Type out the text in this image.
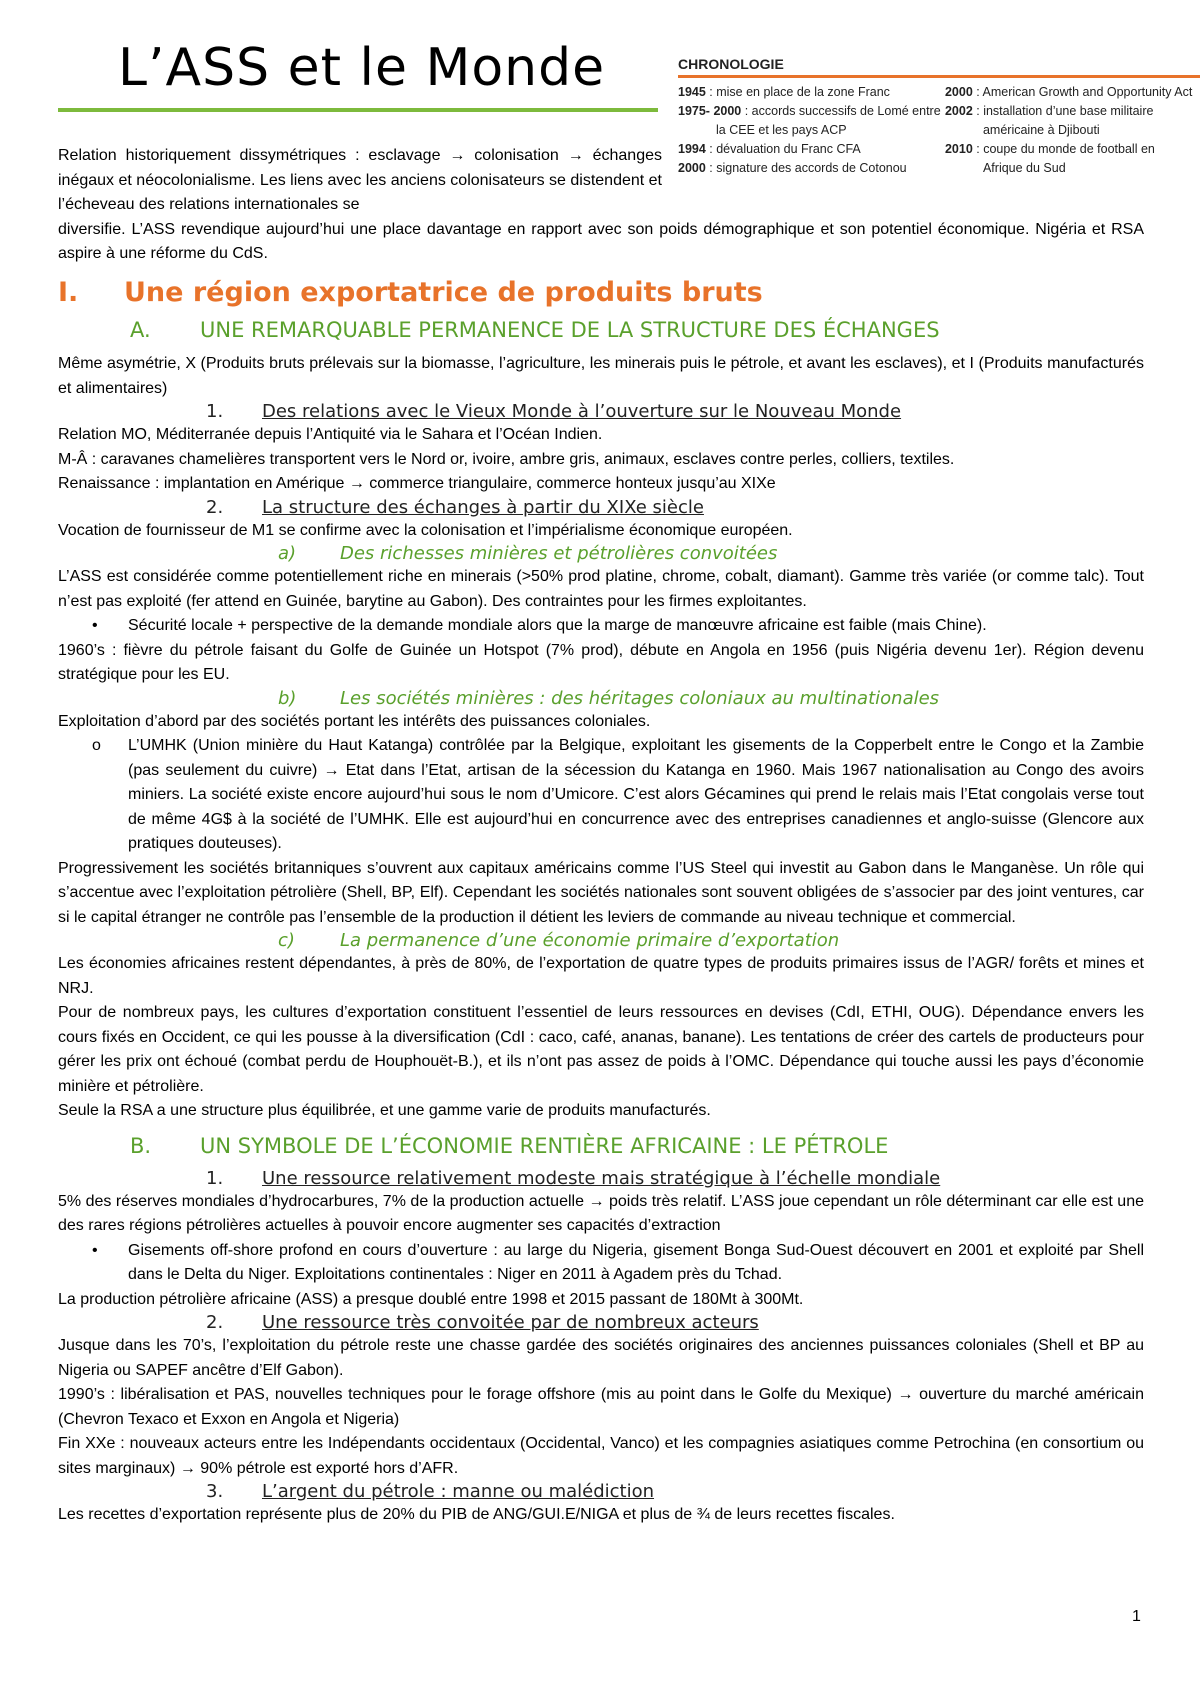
L’ASS et le Monde	CHRONOLOGIE
1945 : mise en place de la zone Franc
1975- 2000 : accords successifs de Lomé entre
la CEE et les pays ACP
1994 : dévaluation du Franc CFA
2000 : signature des accords de Cotonou
2000 : American Growth and Opportunity Act
2002 : installation d’une base militaire
américaine à Djibouti
2010 : coupe du monde de football en
Afrique du Sud

Relation historiquement dissymétriques : esclavage → colonisation → échanges inégaux et néocolonialisme. Les liens avec les anciens colonisateurs se distendent et l’écheveau des relations internationales se
diversifie. L’ASS revendique aujourd’hui une place davantage en rapport avec son poids démographique et son potentiel économique. Nigéria et RSA aspire à une réforme du CdS.

I. Une région exportatrice de produits bruts
A. UNE REMARQUABLE PERMANENCE DE LA STRUCTURE DES ÉCHANGES

Même asymétrie, X (Produits bruts prélevais sur la biomasse, l’agriculture, les minerais puis le pétrole, et avant les esclaves), et I (Produits manufacturés et alimentaires)

1. Des relations avec le Vieux Monde à l’ouverture sur le Nouveau Monde

Relation MO, Méditerranée depuis l’Antiquité via le Sahara et l’Océan Indien.

M-Â : caravanes chamelières transportent vers le Nord or, ivoire, ambre gris, animaux, esclaves contre perles, colliers, textiles.

Renaissance : implantation en Amérique → commerce triangulaire, commerce honteux jusqu’au XIXe

2. La structure des échanges à partir du XIXe siècle

Vocation de fournisseur de M1 se confirme avec la colonisation et l’impérialisme économique européen.

a) Des richesses minières et pétrolières convoitées

L’ASS est considérée comme potentiellement riche en minerais (>50% prod platine, chrome, cobalt, diamant). Gamme très variée (or comme talc). Tout n’est pas exploité (fer attend en Guinée, barytine au Gabon). Des contraintes pour les firmes exploitantes.

• Sécurité locale + perspective de la demande mondiale alors que la marge de manœuvre africaine est faible (mais Chine).

1960’s : fièvre du pétrole faisant du Golfe de Guinée un Hotspot (7% prod), débute en Angola en 1956 (puis Nigéria devenu 1er). Région devenu stratégique pour les EU.

b) Les sociétés minières : des héritages coloniaux au multinationales

Exploitation d’abord par des sociétés portant les intérêts des puissances coloniales.

o L’UMHK (Union minière du Haut Katanga) contrôlée par la Belgique, exploitant les gisements de la Copperbelt entre le Congo et la Zambie (pas seulement du cuivre) → Etat dans l’Etat, artisan de la sécession du Katanga en 1960. Mais 1967 nationalisation au Congo des avoirs miniers. La société existe encore aujourd’hui sous le nom d’Umicore. C’est alors Gécamines qui prend le relais mais l’Etat congolais verse tout de même 4G$ à la société de l’UMHK. Elle est aujourd’hui en concurrence avec des entreprises canadiennes et anglo-suisse (Glencore aux pratiques douteuses).

Progressivement les sociétés britanniques s’ouvrent aux capitaux américains comme l’US Steel qui investit au Gabon dans le Manganèse. Un rôle qui s’accentue avec l’exploitation pétrolière (Shell, BP, Elf). Cependant les sociétés nationales sont souvent obligées de s’associer par des joint ventures, car si le capital étranger ne contrôle pas l’ensemble de la production il détient les leviers de commande au niveau technique et commercial.

c)	La permanence d’une économie primaire d’exportation

Les économies africaines restent dépendantes, à près de 80%, de l’exportation de quatre types de produits primaires issus de l’AGR/ forêts et mines et NRJ.

Pour de nombreux pays, les cultures d’exportation constituent l’essentiel de leurs ressources en devises (CdI, ETHI, OUG). Dépendance envers les cours fixés en Occident, ce qui les pousse à la diversification (CdI : caco, café, ananas, banane). Les tentations de créer des cartels de producteurs pour gérer les prix ont échoué (combat perdu de Houphouët-B.), et ils n’ont pas assez de poids à l’OMC. Dépendance qui touche aussi les pays d’économie minière et pétrolière.

Seule la RSA a une structure plus équilibrée, et une gamme varie de produits manufacturés.

B. UN SYMBOLE DE L’ÉCONOMIE RENTIÈRE AFRICAINE : LE PÉTROLE
1. Une ressource relativement modeste mais stratégique à l’échelle mondiale

5% des réserves mondiales d’hydrocarbures, 7% de la production actuelle → poids très relatif. L’ASS joue cependant un rôle déterminant car elle est une des rares régions pétrolières actuelles à pouvoir encore augmenter ses capacités d’extraction

• Gisements off-shore profond en cours d’ouverture : au large du Nigeria, gisement Bonga Sud-Ouest découvert en 2001 et exploité par Shell dans le Delta du Niger. Exploitations continentales : Niger en 2011 à Agadem près du Tchad.

La production pétrolière africaine (ASS) a presque doublé entre 1998 et 2015 passant de 180Mt à 300Mt.

2. Une ressource très convoitée par de nombreux acteurs

Jusque dans les 70’s, l’exploitation du pétrole reste une chasse gardée des sociétés originaires des anciennes puissances coloniales (Shell et BP au Nigeria ou SAPEF ancêtre d’Elf Gabon).

1990’s : libéralisation et PAS, nouvelles techniques pour le forage offshore (mis au point dans le Golfe du Mexique) → ouverture du marché américain (Chevron Texaco et Exxon en Angola et Nigeria)

Fin XXe : nouveaux acteurs entre les Indépendants occidentaux (Occidental, Vanco) et les compagnies asiatiques comme Petrochina (en consortium ou sites marginaux) → 90% pétrole est exporté hors d’AFR.

3. L’argent du pétrole : manne ou malédiction

Les recettes d’exportation représente plus de 20% du PIB de ANG/GUI.E/NIGA et plus de ¾ de leurs recettes fiscales.

1
